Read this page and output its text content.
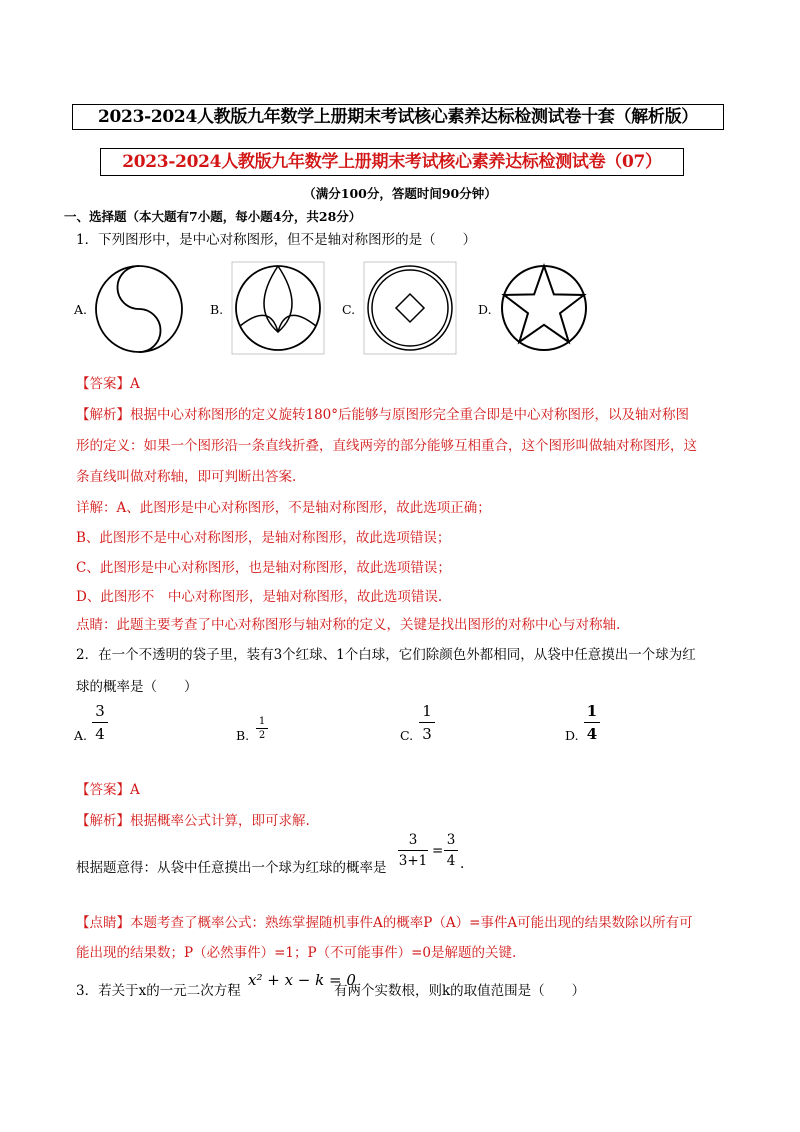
2023-2024人教版九年数学上册期末考试核心素养达标检测试卷十套（解析版）
2023-2024人教版九年数学上册期末考试核心素养达标检测试卷（07）
（满分100分，答题时间90分钟）
一、选择题（本大题有7小题，每小题4分，共28分）
1．下列图形中，是中心对称图形，但不是轴对称图形的是（　　）
A.	B.	C.	D.
【答案】A
【解析】根据中心对称图形的定义旋转180°后能够与原图形完全重合即是中心对称图形，以及轴对称图
形的定义：如果一个图形沿一条直线折叠，直线两旁的部分能够互相重合，这个图形叫做轴对称图形，这
条直线叫做对称轴，即可判断出答案.
详解：A、此图形是中心对称图形，不是轴对称图形，故此选项正确；
B、此图形不是中心对称图形，是轴对称图形，故此选项错误；
C、此图形是中心对称图形，也是轴对称图形，故此选项错误；
D、此图形不　中心对称图形，是轴对称图形，故此选项错误.
点睛：此题主要考查了中心对称图形与轴对称的定义，关键是找出图形的对称中心与对称轴.
2．在一个不透明的袋子里，装有3个红球、1个白球，它们除颜色外都相同，从袋中任意摸出一个球为红
球的概率是（　　）
A.
3
4	B.
1
2	C.
1
3	D.
1
4
【答案】A
【解析】根据概率公式计算，即可求解.
根据题意得：从袋中任意摸出一个球为红球的概率是
3
3+1
=
3
4 .
【点睛】本题考查了概率公式：熟练掌握随机事件A的概率P（A）=事件A可能出现的结果数除以所有可
能出现的结果数；P（必然事件）=1；P（不可能事件）=0是解题的关键.
3．若关于x的一元二次方程
x² + x − k = 0
有两个实数根，则k的取值范围是（　　）
